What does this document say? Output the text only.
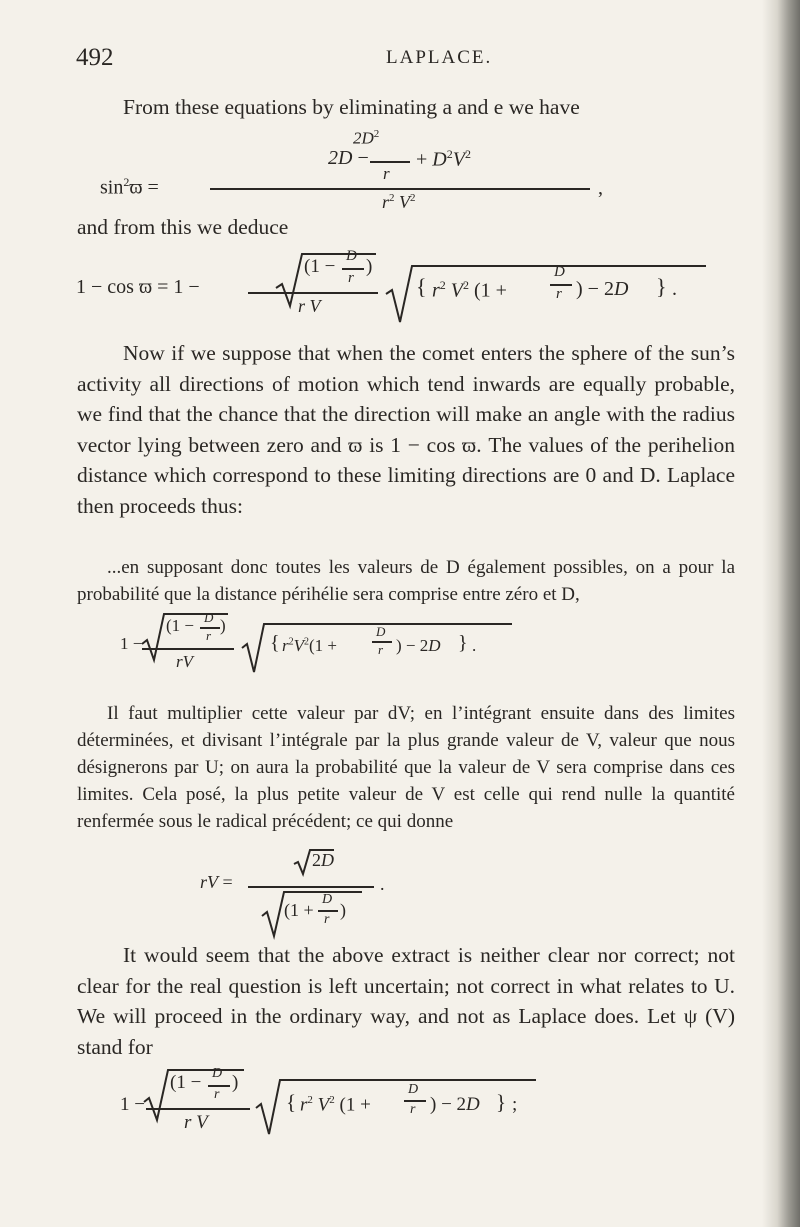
492	LAPLACE.
From these equations by eliminating a and e we have
$2D^2$
2D − + $D^2V^2$
r
$\sin^2ϖ$ =	,
$r^2$ $V^2$
and from this we deduce
(1 − D
r
)
1 − cos ϖ = 1 −
r V
{ $r^2$ $V^2$ (1 +
D
r ) − 2D } .
Now if we suppose that when the comet enters the sphere of the sun’s activity all directions of motion which tend inwards are equally probable, we find that the chance that the direction will make an angle with the radius vector lying between zero and ϖ is 1 − cos ϖ. The values of the perihelion distance which correspond to these limiting directions are 0 and D. Laplace then proceeds thus:
...en supposant donc toutes les valeurs de D également possibles, on a pour la probabilité que la distance périhélie sera comprise entre zéro et D,
(1 − D
r
)
1 −
rV
{ $r^2V^2(1$ +
D
r ) − 2D } .
Il faut multiplier cette valeur par dV; en l’intégrant ensuite dans des limites déterminées, et divisant l’intégrale par la plus grande valeur de V, valeur que nous désignerons par U; on aura la probabilité que la valeur de V sera comprise dans ces limites. Cela posé, la plus petite valeur de V est celle qui rend nulle la quantité renfermée sous le radical précédent; ce qui donne
2D
rV =	.
(1 +
D
r )
It would seem that the above extract is neither clear nor correct; not clear for the real question is left uncertain; not correct in what relates to U. We will proceed in the ordinary way, and not as Laplace does. Let ψ (V) stand for
(1 − D
r
)
1 −
r V
{ $r^2$ $V^2$ (1 +
D
r ) − 2D } ;
